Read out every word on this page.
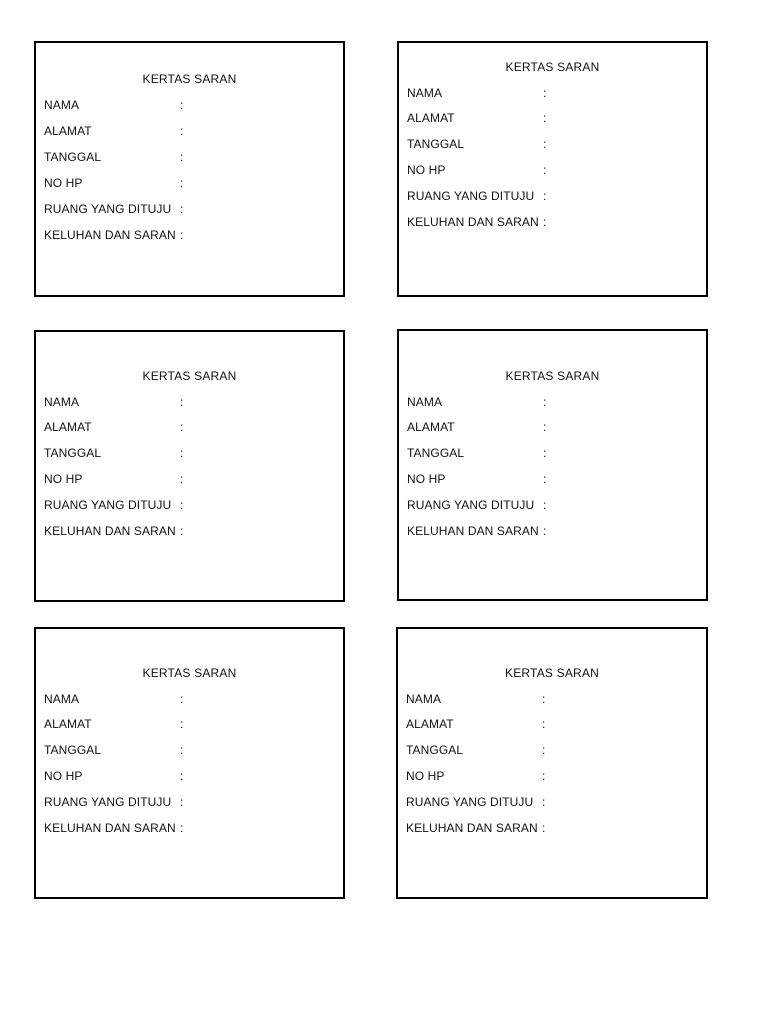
KERTAS SARAN
NAMA	:
ALAMAT	:
TANGGAL	:
NO HP	:
RUANG YANG DITUJU :
KELUHAN DAN SARAN :
KERTAS SARAN
NAMA	:
ALAMAT	:
TANGGAL	:
NO HP	:
RUANG YANG DITUJU :
KELUHAN DAN SARAN :
KERTAS SARAN
NAMA	:
ALAMAT	:
TANGGAL	:
NO HP	:
RUANG YANG DITUJU :
KELUHAN DAN SARAN :
KERTAS SARAN
NAMA	:
ALAMAT	:
TANGGAL	:
NO HP	:
RUANG YANG DITUJU :
KELUHAN DAN SARAN :
KERTAS SARAN
NAMA	:
ALAMAT	:
TANGGAL	:
NO HP	:
RUANG YANG DITUJU :
KELUHAN DAN SARAN :
KERTAS SARAN
NAMA	:
ALAMAT	:
TANGGAL	:
NO HP	:
RUANG YANG DITUJU :
KELUHAN DAN SARAN :
